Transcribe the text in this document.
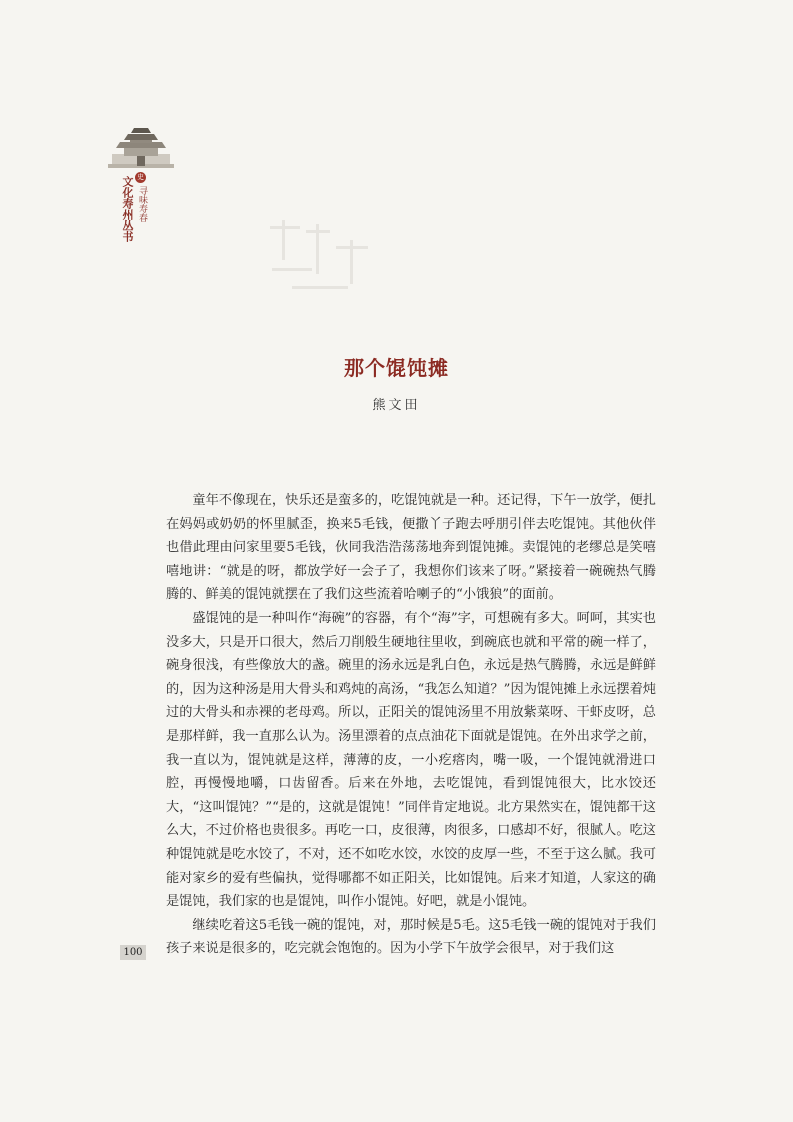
文化寿州丛书 史
寻味寿春
那个馄饨摊
熊文田

童年不像现在，快乐还是蛮多的，吃馄饨就是一种。还记得，下午一放学，便扎在妈妈或奶奶的怀里腻歪，换来5毛钱，便撒丫子跑去呼朋引伴去吃馄饨。其他伙伴也借此理由问家里要5毛钱，伙同我浩浩荡荡地奔到馄饨摊。卖馄饨的老缪总是笑嘻嘻地讲：“就是的呀，都放学好一会子了，我想你们该来了呀。”紧接着一碗碗热气腾腾的、鲜美的馄饨就摆在了我们这些流着哈喇子的“小饿狼”的面前。

盛馄饨的是一种叫作“海碗”的容器，有个“海”字，可想碗有多大。呵呵，其实也没多大，只是开口很大，然后刀削般生硬地往里收，到碗底也就和平常的碗一样了，碗身很浅，有些像放大的盏。碗里的汤永远是乳白色，永远是热气腾腾，永远是鲜鲜的，因为这种汤是用大骨头和鸡炖的高汤，“我怎么知道？”因为馄饨摊上永远摆着炖过的大骨头和赤裸的老母鸡。所以，正阳关的馄饨汤里不用放紫菜呀、干虾皮呀，总是那样鲜，我一直那么认为。汤里漂着的点点油花下面就是馄饨。在外出求学之前，我一直以为，馄饨就是这样，薄薄的皮，一小疙瘩肉，嘴一吸，一个馄饨就滑进口腔，再慢慢地嚼，口齿留香。后来在外地，去吃馄饨，看到馄饨很大，比水饺还大，“这叫馄饨？”“是的，这就是馄饨！”同伴肯定地说。北方果然实在，馄饨都干这么大，不过价格也贵很多。再吃一口，皮很薄，肉很多，口感却不好，很腻人。吃这种馄饨就是吃水饺了，不对，还不如吃水饺，水饺的皮厚一些，不至于这么腻。我可能对家乡的爱有些偏执，觉得哪都不如正阳关，比如馄饨。后来才知道，人家这的确是馄饨，我们家的也是馄饨，叫作小馄饨。好吧，就是小馄饨。

继续吃着这5毛钱一碗的馄饨，对，那时候是5毛。这5毛钱一碗的馄饨对于我们孩子来说是很多的，吃完就会饱饱的。因为小学下午放学会很早，对于我们这

100
